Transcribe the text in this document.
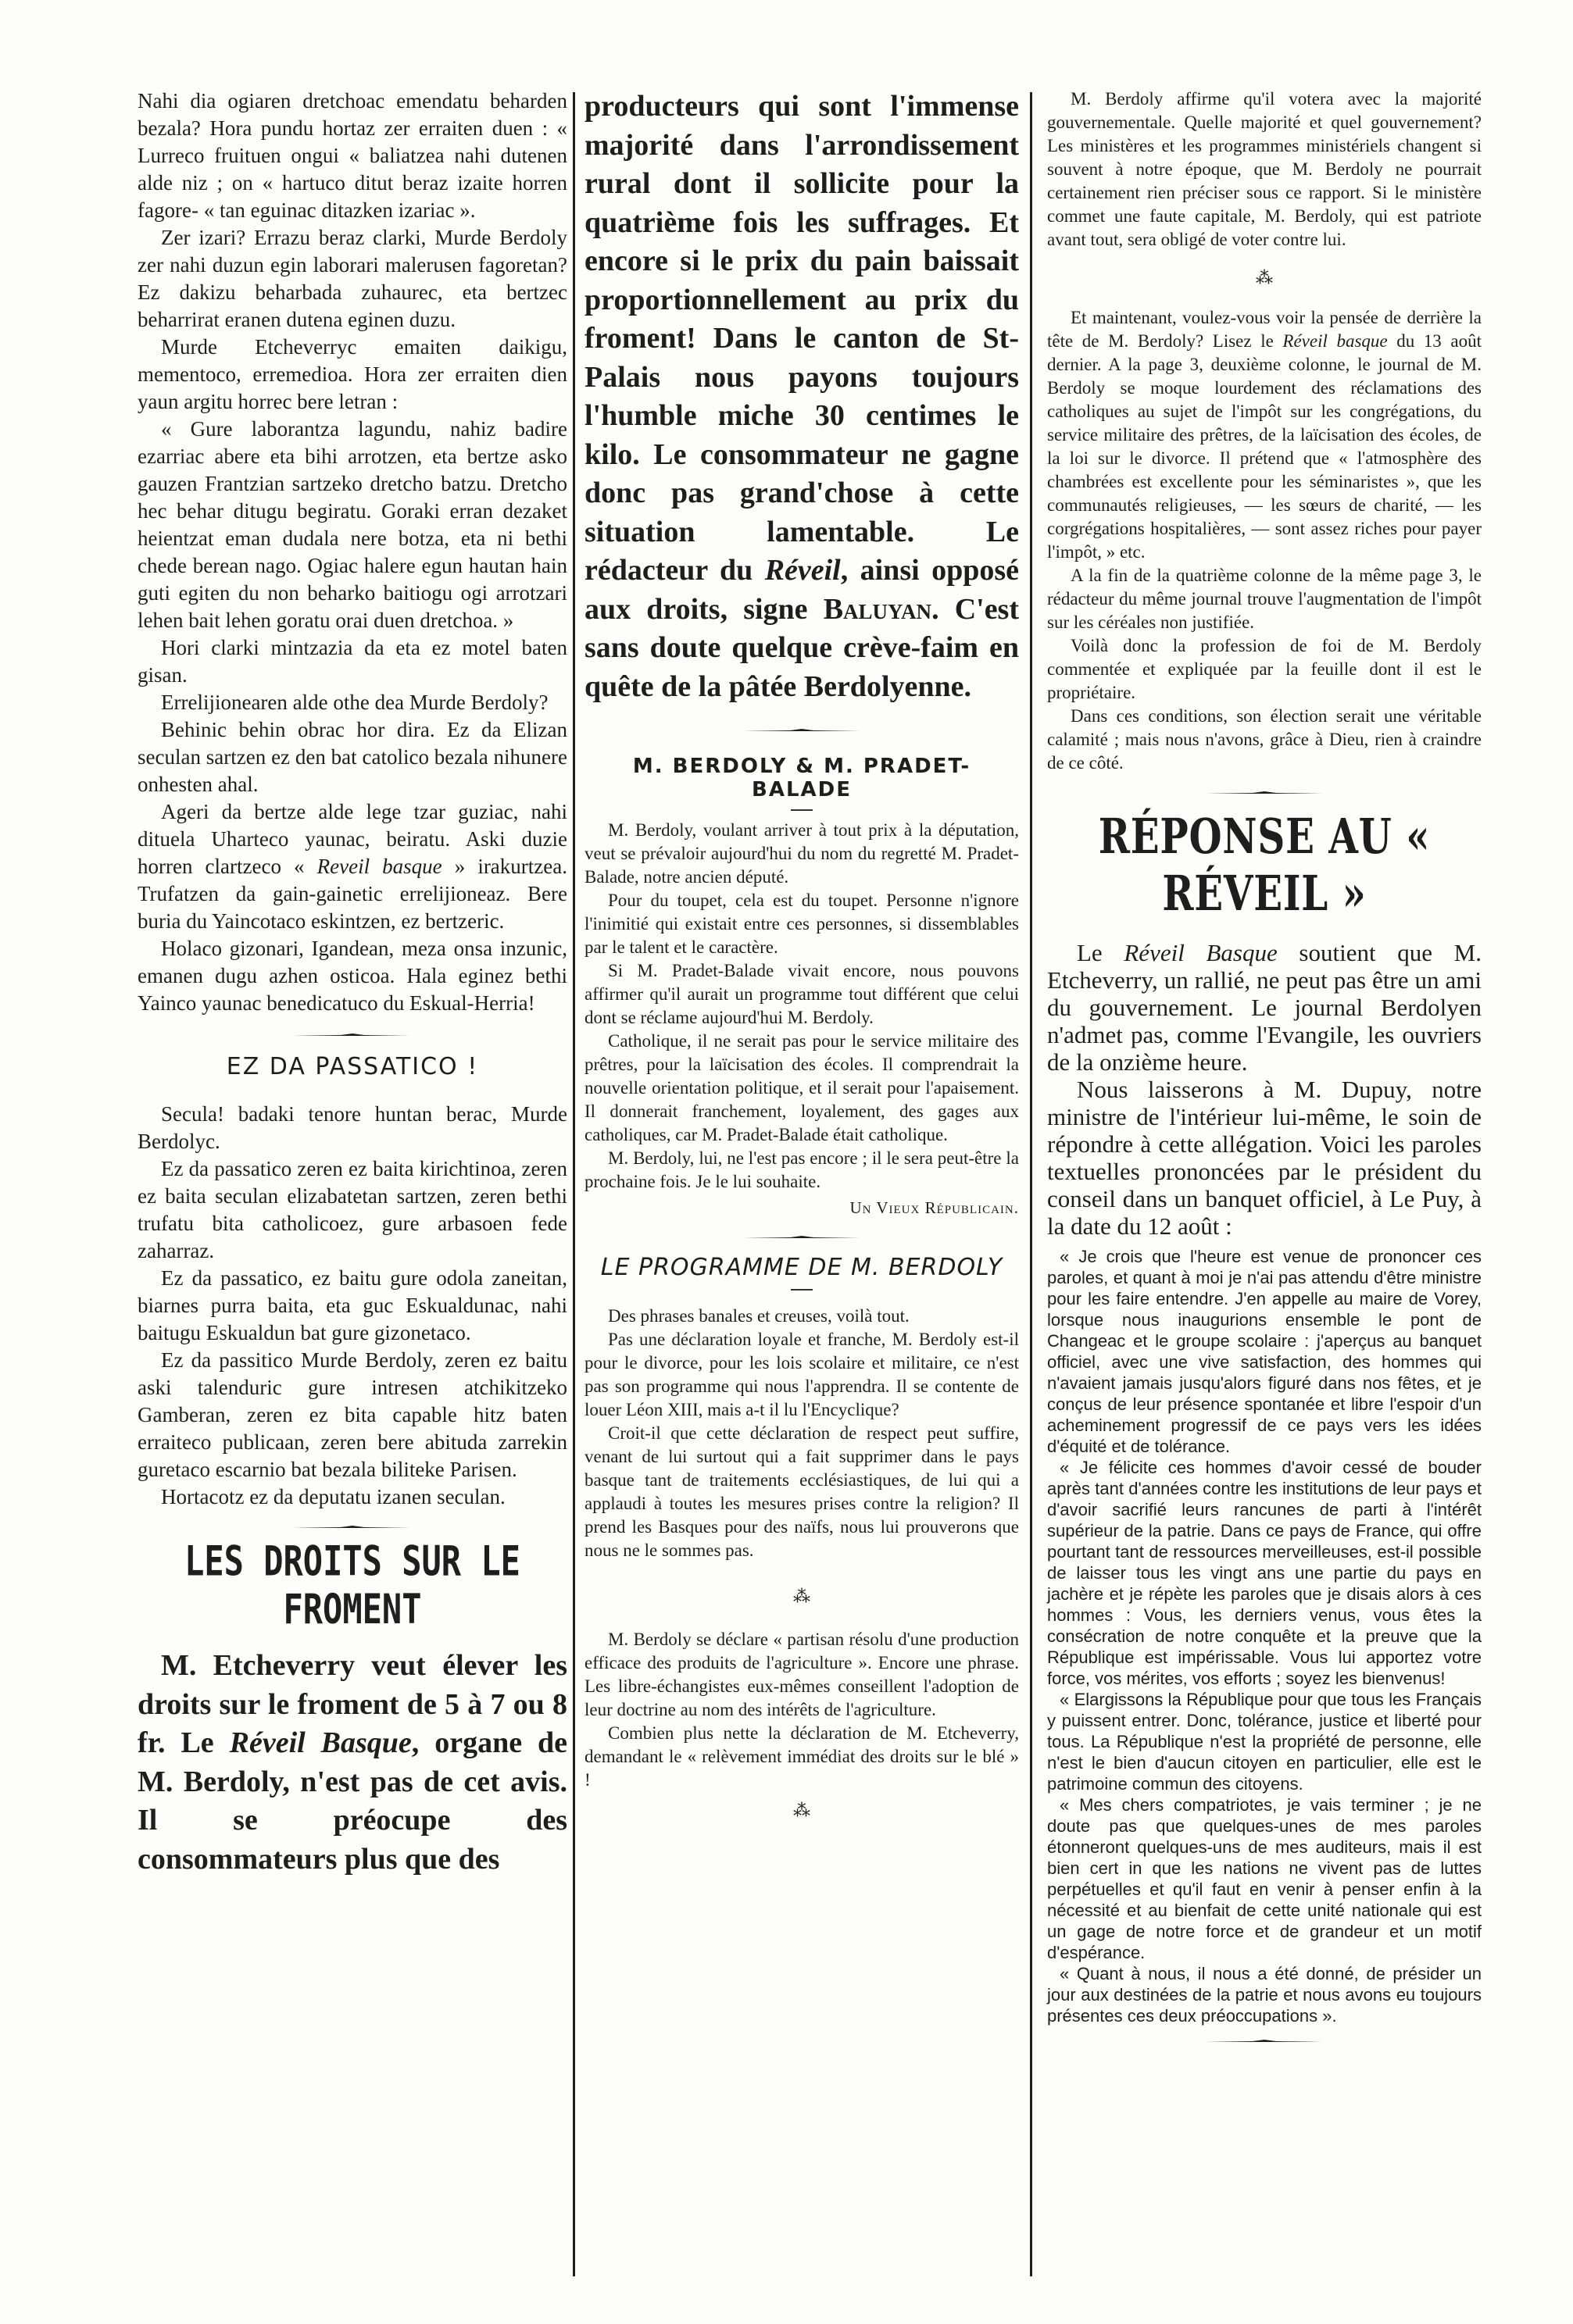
Nahi dia ogiaren dretchoac emendatu beharden bezala? Hora pundu hortaz zer erraiten duen : « Lurreco fruituen ongui « baliatzea nahi dutenen alde niz ; on « hartuco ditut beraz izaite horren fagore- « tan eguinac ditazken izariac ».

Zer izari? Errazu beraz clarki, Murde Berdoly zer nahi duzun egin laborari malerusen fagoretan? Ez dakizu beharbada zuhaurec, eta bertzec beharrirat eranen dutena eginen duzu.

Murde Etcheverryc emaiten daikigu, mementoco, erremedioa. Hora zer erraiten dien yaun argitu horrec bere letran :

« Gure laborantza lagundu, nahiz badire ezarriac abere eta bihi arrotzen, eta bertze asko gauzen Frantzian sartzeko dretcho batzu. Dretcho hec behar ditugu begiratu. Goraki erran dezaket heientzat eman dudala nere botza, eta ni bethi chede berean nago. Ogiac halere egun hautan hain guti egiten du non beharko baitiogu ogi arrotzari lehen bait lehen goratu orai duen dretchoa. »

Hori clarki mintzazia da eta ez motel baten gisan.

Errelijionearen alde othe dea Murde Berdoly?

Behinic behin obrac hor dira. Ez da Elizan seculan sartzen ez den bat catolico bezala nihunere onhesten ahal.

Ageri da bertze alde lege tzar guziac, nahi dituela Uharteco yaunac, beiratu. Aski duzie horren clartzeco « Reveil basque » irakurtzea. Trufatzen da gain-gainetic errelijioneaz. Bere buria du Yaincotaco eskintzen, ez bertzeric.

Holaco gizonari, Igandean, meza onsa inzunic, emanen dugu azhen osticoa. Hala eginez bethi Yainco yaunac benedicatuco du Eskual-Herria!

EZ DA PASSATICO !

Secula! badaki tenore huntan berac, Murde Berdolyc.

Ez da passatico zeren ez baita kirichtinoa, zeren ez baita seculan elizabatetan sartzen, zeren bethi trufatu bita catholicoez, gure arbasoen fede zaharraz.

Ez da passatico, ez baitu gure odola zaneitan, biarnes purra baita, eta guc Eskualdunac, nahi baitugu Eskualdun bat gure gizonetaco.

Ez da passitico Murde Berdoly, zeren ez baitu aski talenduric gure intresen atchikitzeko Gamberan, zeren ez bita capable hitz baten erraiteco publicaan, zeren bere abituda zarrekin guretaco escarnio bat bezala biliteke Parisen.

Hortacotz ez da deputatu izanen seculan.

LES DROITS SUR LE FROMENT

M. Etcheverry veut élever les droits sur le froment de 5 à 7 ou 8 fr. Le Réveil Basque, organe de M. Berdoly, n'est pas de cet avis. Il se préocupe des consommateurs plus que des

producteurs qui sont l'immense majorité dans l'arrondissement rural dont il sollicite pour la quatrième fois les suffrages. Et encore si le prix du pain baissait proportionnellement au prix du froment! Dans le canton de St-Palais nous payons toujours l'humble miche 30 centimes le kilo. Le consommateur ne gagne donc pas grand'chose à cette situation lamentable. Le rédacteur du Réveil, ainsi opposé aux droits, signe Baluyan. C'est sans doute quelque crève-faim en quête de la pâtée Berdolyenne.

M. BERDOLY & M. PRADET-BALADE

M. Berdoly, voulant arriver à tout prix à la députation, veut se prévaloir aujourd'hui du nom du regretté M. Pradet-Balade, notre ancien député.

Pour du toupet, cela est du toupet. Personne n'ignore l'inimitié qui existait entre ces personnes, si dissemblables par le talent et le caractère.

Si M. Pradet-Balade vivait encore, nous pouvons affirmer qu'il aurait un programme tout différent que celui dont se réclame aujourd'hui M. Berdoly.

Catholique, il ne serait pas pour le service militaire des prêtres, pour la laïcisation des écoles. Il comprendrait la nouvelle orientation politique, et il serait pour l'apaisement. Il donnerait franchement, loyalement, des gages aux catholiques, car M. Pradet-Balade était catholique.

M. Berdoly, lui, ne l'est pas encore ; il le sera peut-être la prochaine fois. Je le lui souhaite.

Un Vieux Républicain.
LE PROGRAMME DE M. BERDOLY

Des phrases banales et creuses, voilà tout.

Pas une déclaration loyale et franche, M. Berdoly est-il pour le divorce, pour les lois scolaire et militaire, ce n'est pas son programme qui nous l'apprendra. Il se contente de louer Léon XIII, mais a-t il lu l'Encyclique?

Croit-il que cette déclaration de respect peut suffire, venant de lui surtout qui a fait supprimer dans le pays basque tant de traitements ecclésiastiques, de lui qui a applaudi à toutes les mesures prises contre la religion? Il prend les Basques pour des naïfs, nous lui prouverons que nous ne le sommes pas.

⁂

M. Berdoly se déclare « partisan résolu d'une production efficace des produits de l'agriculture ». Encore une phrase. Les libre-échangistes eux-mêmes conseillent l'adoption de leur doctrine au nom des intérêts de l'agriculture.

Combien plus nette la déclaration de M. Etcheverry, demandant le « relèvement immédiat des droits sur le blé » !

⁂

M. Berdoly affirme qu'il votera avec la majorité gouvernementale. Quelle majorité et quel gouvernement? Les ministères et les programmes ministériels changent si souvent à notre époque, que M. Berdoly ne pourrait certainement rien préciser sous ce rapport. Si le ministère commet une faute capitale, M. Berdoly, qui est patriote avant tout, sera obligé de voter contre lui.

⁂

Et maintenant, voulez-vous voir la pensée de derrière la tête de M. Berdoly? Lisez le Réveil basque du 13 août dernier. A la page 3, deuxième colonne, le journal de M. Berdoly se moque lourdement des réclamations des catholiques au sujet de l'impôt sur les congrégations, du service militaire des prêtres, de la laïcisation des écoles, de la loi sur le divorce. Il prétend que « l'atmosphère des chambrées est excellente pour les séminaristes », que les communautés religieuses, — les sœurs de charité, — les corgrégations hospitalières, — sont assez riches pour payer l'impôt, » etc.

A la fin de la quatrième colonne de la même page 3, le rédacteur du même journal trouve l'augmentation de l'impôt sur les céréales non justifiée.

Voilà donc la profession de foi de M. Berdoly commentée et expliquée par la feuille dont il est le propriétaire.

Dans ces conditions, son élection serait une véritable calamité ; mais nous n'avons, grâce à Dieu, rien à craindre de ce côté.

RÉPONSE AU « RÉVEIL »

Le Réveil Basque soutient que M. Etcheverry, un rallié, ne peut pas être un ami du gouvernement. Le journal Berdolyen n'admet pas, comme l'Evangile, les ouvriers de la onzième heure.

Nous laisserons à M. Dupuy, notre ministre de l'intérieur lui-même, le soin de répondre à cette allégation. Voici les paroles textuelles prononcées par le président du conseil dans un banquet officiel, à Le Puy, à la date du 12 août :

« Je crois que l'heure est venue de prononcer ces paroles, et quant à moi je n'ai pas attendu d'être ministre pour les faire entendre. J'en appelle au maire de Vorey, lorsque nous inaugurions ensemble le pont de Changeac et le groupe scolaire : j'aperçus au banquet officiel, avec une vive satisfaction, des hommes qui n'avaient jamais jusqu'alors figuré dans nos fêtes, et je conçus de leur présence spontanée et libre l'espoir d'un acheminement progressif de ce pays vers les idées d'équité et de tolérance.

« Je félicite ces hommes d'avoir cessé de bouder après tant d'années contre les institutions de leur pays et d'avoir sacrifié leurs rancunes de parti à l'intérêt supérieur de la patrie. Dans ce pays de France, qui offre pourtant tant de ressources merveilleuses, est-il possible de laisser tous les vingt ans une partie du pays en jachère et je répète les paroles que je disais alors à ces hommes : Vous, les derniers venus, vous êtes la consécration de notre conquête et la preuve que la République est impérissable. Vous lui apportez votre force, vos mérites, vos efforts ; soyez les bienvenus!

« Elargissons la République pour que tous les Français y puissent entrer. Donc, tolérance, justice et liberté pour tous. La République n'est la propriété de personne, elle n'est le bien d'aucun citoyen en particulier, elle est le patrimoine commun des citoyens.

« Mes chers compatriotes, je vais terminer ; je ne doute pas que quelques-unes de mes paroles étonneront quelques-uns de mes auditeurs, mais il est bien cert in que les nations ne vivent pas de luttes perpétuelles et qu'il faut en venir à penser enfin à la nécessité et au bienfait de cette unité nationale qui est un gage de notre force et de grandeur et un motif d'espérance.

« Quant à nous, il nous a été donné, de présider un jour aux destinées de la patrie et nous avons eu toujours présentes ces deux préoccupations ».
